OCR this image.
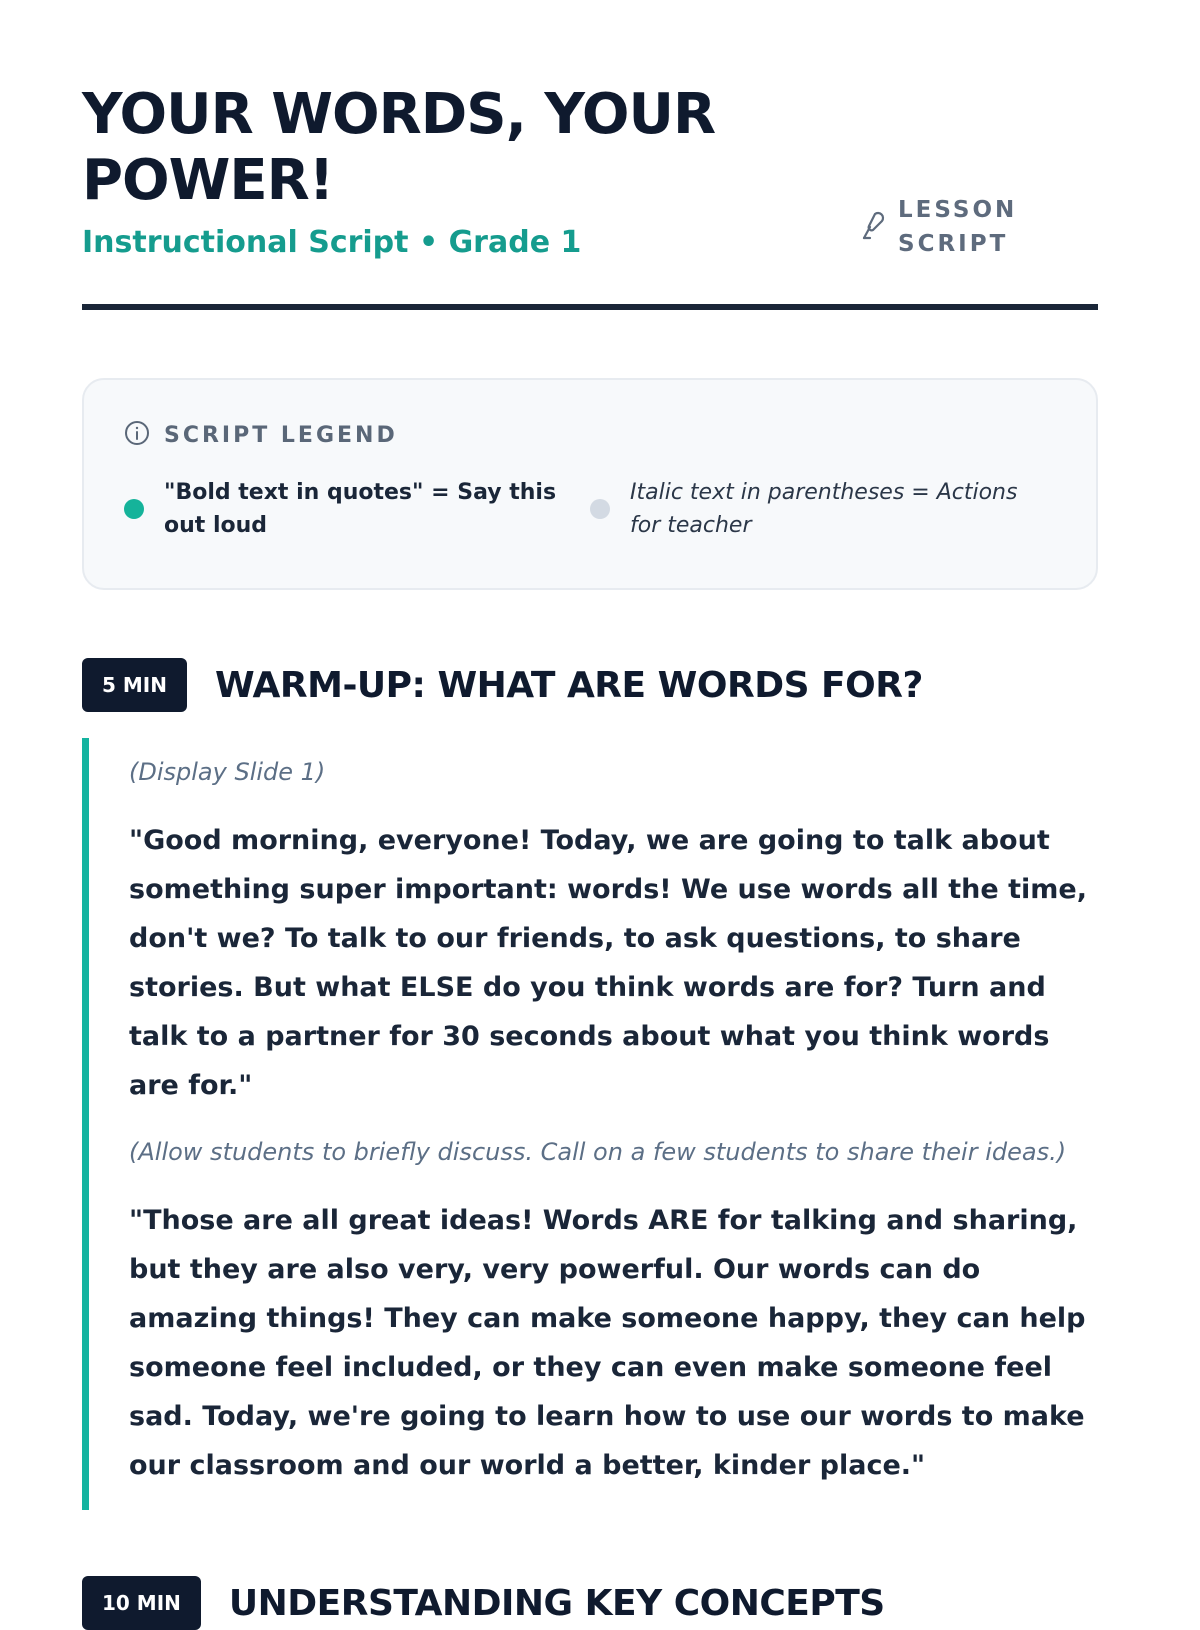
YOUR WORDS, YOUR POWER!
Instructional Script • Grade 1
LESSON SCRIPT
SCRIPT LEGEND
"Bold text in quotes" = Say this out loud
Italic text in parentheses = Actions for teacher
5 MIN	WARM-UP: WHAT ARE WORDS FOR?

(Display Slide 1)

"Good morning, everyone! Today, we are going to talk about something super important: words! We use words all the time, don't we? To talk to our friends, to ask questions, to share stories. But what ELSE do you think words are for? Turn and talk to a partner for 30 seconds about what you think words are for."

(Allow students to briefly discuss. Call on a few students to share their ideas.)

"Those are all great ideas! Words ARE for talking and sharing, but they are also very, very powerful. Our words can do amazing things! They can make someone happy, they can help someone feel included, or they can even make someone feel sad. Today, we're going to learn how to use our words to make our classroom and our world a better, kinder place."

10 MIN	UNDERSTANDING KEY CONCEPTS
